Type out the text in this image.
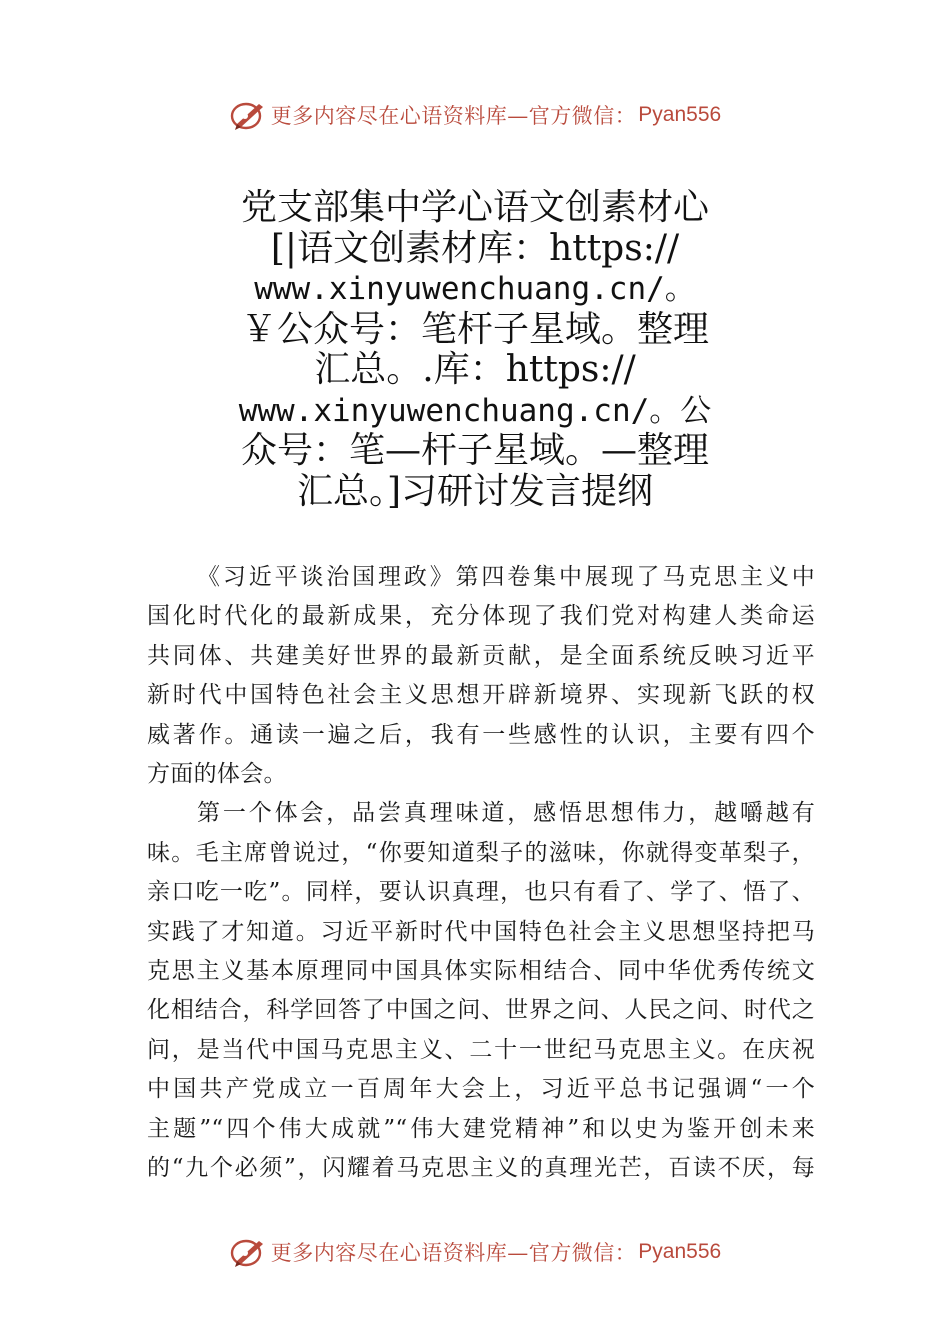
更多内容尽在心语资料库—官方微信： Pyan556
党支部集中学心语文创素材心
[|语文创素材库：https://
www.xinyuwenchuang.cn/。
￥公众号：笔杆子星域。整理
汇总。.库：https://
www.xinyuwenchuang.cn/。公
众号：笔—杆子星域。—整理
汇总。]习研讨发言提纲

《习近平谈治国理政》第四卷集中展现了马克思主义中
国化时代化的最新成果，充分体现了我们党对构建人类命运
共同体、共建美好世界的最新贡献，是全面系统反映习近平
新时代中国特色社会主义思想开辟新境界、实现新飞跃的权
威著作。通读一遍之后，我有一些感性的认识，主要有四个
方面的体会。

第一个体会，品尝真理味道，感悟思想伟力，越嚼越有
味。毛主席曾说过，“你要知道梨子的滋味，你就得变革梨子，
亲口吃一吃”。同样，要认识真理，也只有看了、学了、悟了、
实践了才知道。习近平新时代中国特色社会主义思想坚持把马
克思主义基本原理同中国具体实际相结合、同中华优秀传统文
化相结合，科学回答了中国之问、世界之问、人民之问、时代之
问，是当代中国马克思主义、二十一世纪马克思主义。在庆祝
中国共产党成立一百周年大会上，习近平总书记强调“一个
主题”“四个伟大成就”“伟大建党精神”和以史为鉴开创未来
的“九个必须”，闪耀着马克思主义的真理光芒，百读不厌，每

更多内容尽在心语资料库—官方微信： Pyan556
